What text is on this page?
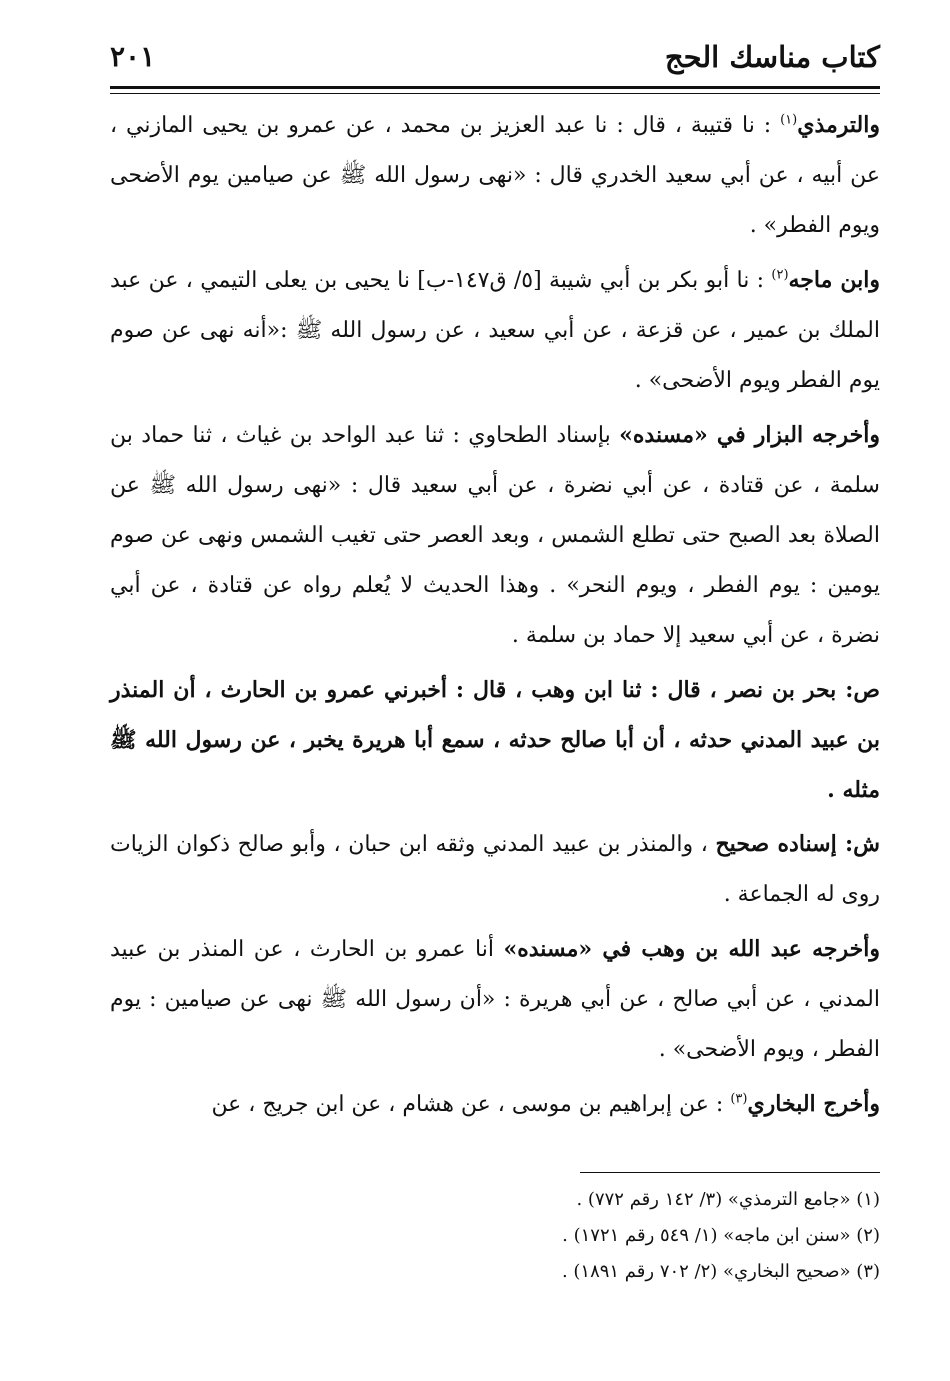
كتاب مناسك الحج
٢٠١

والترمذي$^{(١)}$ : نا قتيبة ، قال : نا عبد العزيز بن محمد ، عن عمرو بن يحيى المازني ، عن أبيه ، عن أبي سعيد الخدري قال : «نهى رسول الله ﷺ عن صيامين يوم الأضحى ويوم الفطر» .

وابن ماجه$^{(٢)}$ : نا أبو بكر بن أبي شيبة [٥/ ق١٤٧-ب] نا يحيى بن يعلى التيمي ، عن عبد الملك بن عمير ، عن قزعة ، عن أبي سعيد ، عن رسول الله ﷺ :«أنه نهى عن صوم يوم الفطر ويوم الأضحى» .

وأخرجه البزار في «مسنده» بإسناد الطحاوي : ثنا عبد الواحد بن غياث ، ثنا حماد بن سلمة ، عن قتادة ، عن أبي نضرة ، عن أبي سعيد قال : «نهى رسول الله ﷺ عن الصلاة بعد الصبح حتى تطلع الشمس ، وبعد العصر حتى تغيب الشمس ونهى عن صوم يومين : يوم الفطر ، ويوم النحر» . وهذا الحديث لا يُعلم رواه عن قتادة ، عن أبي نضرة ، عن أبي سعيد إلا حماد بن سلمة .

ص: بحر بن نصر ، قال : ثنا ابن وهب ، قال : أخبرني عمرو بن الحارث ، أن المنذر بن عبيد المدني حدثه ، أن أبا صالح حدثه ، سمع أبا هريرة يخبر ، عن رسول الله ﷺ مثله .

ش: إسناده صحيح ، والمنذر بن عبيد المدني وثقه ابن حبان ، وأبو صالح ذكوان الزيات روى له الجماعة .

وأخرجه عبد الله بن وهب في «مسنده» أنا عمرو بن الحارث ، عن المنذر بن عبيد المدني ، عن أبي صالح ، عن أبي هريرة : «أن رسول الله ﷺ نهى عن صيامين : يوم الفطر ، ويوم الأضحى» .

وأخرج البخاري$^{(٣)}$ : عن إبراهيم بن موسى ، عن هشام ، عن ابن جريج ، عن

(١) «جامع الترمذي» (٣/ ١٤٢ رقم ٧٧٢) .

(٢) «سنن ابن ماجه» (١/ ٥٤٩ رقم ١٧٢١) .

(٣) «صحيح البخاري» (٢/ ٧٠٢ رقم ١٨٩١) .
